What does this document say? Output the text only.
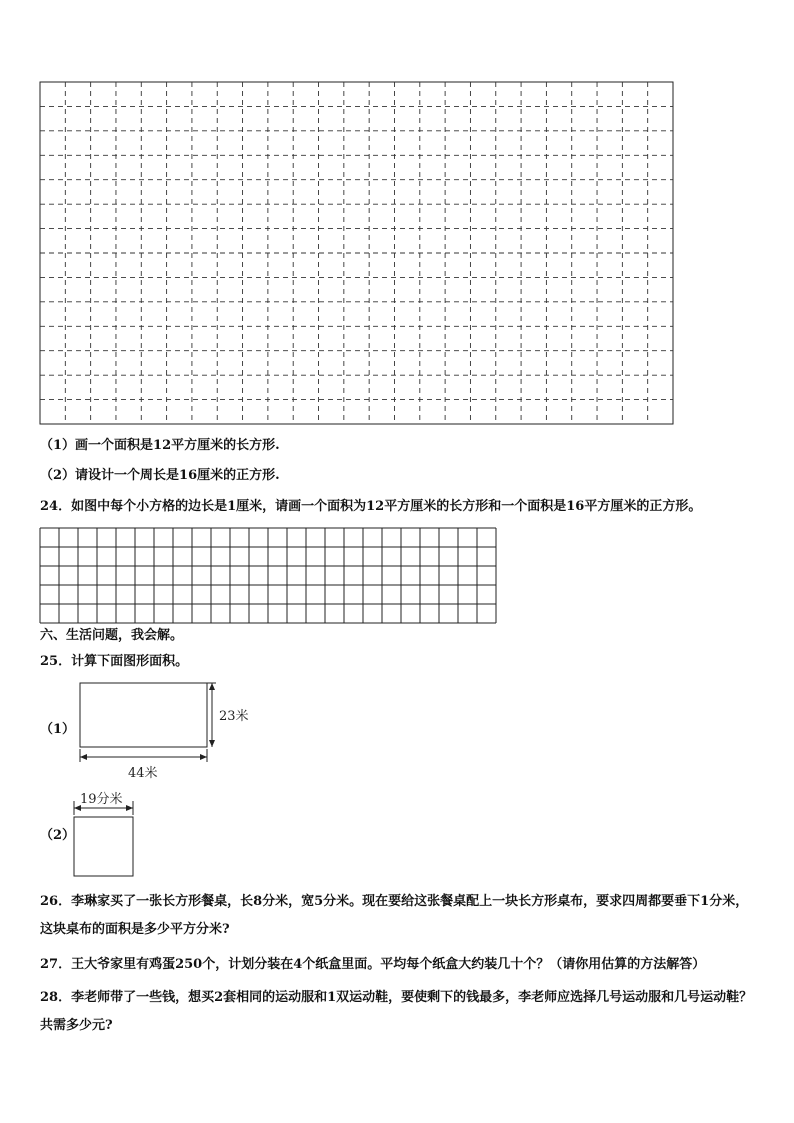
（1）画一个面积是12平方厘米的长方形.
（2）请设计一个周长是16厘米的正方形.
24．如图中每个小方格的边长是1厘米，请画一个面积为12平方厘米的长方形和一个面积是16平方厘米的正方形。
六、生活问题，我会解。
25．计算下面图形面积。
（1）
23米
44米
（2）
19分米
26．李琳家买了一张长方形餐桌，长8分米，宽5分米。现在要给这张餐桌配上一块长方形桌布，要求四周都要垂下1分米，这块桌布的面积是多少平方分米?
27．王大爷家里有鸡蛋250个，计划分装在4个纸盒里面。平均每个纸盒大约装几十个？（请你用估算的方法解答）
28．李老师带了一些钱，想买2套相同的运动服和1双运动鞋，要使剩下的钱最多，李老师应选择几号运动服和几号运动鞋？共需多少元?
